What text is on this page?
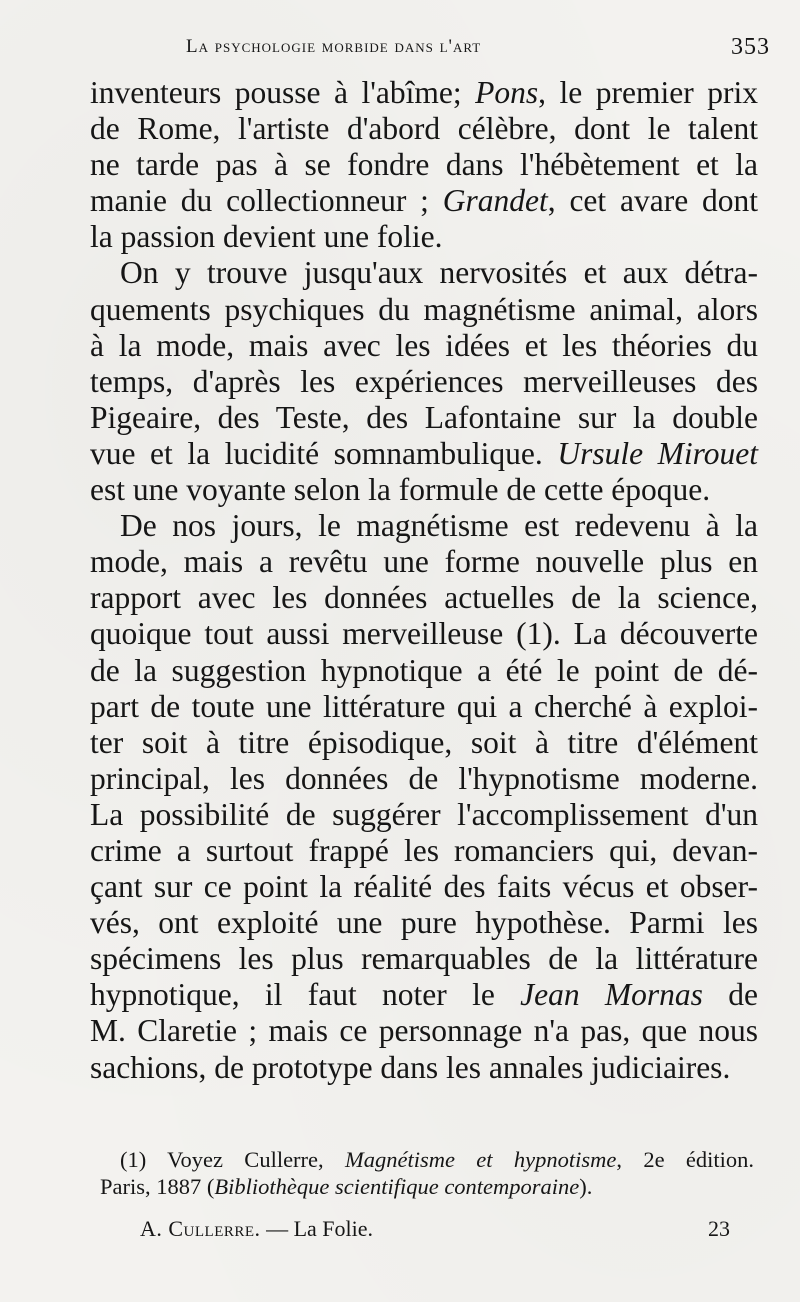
La psychologie morbide dans l'art	353
inventeurs pousse à l'abîme; Pons, le premier prix
de Rome, l'artiste d'abord célèbre, dont le talent
ne tarde pas à se fondre dans l'hébètement et la
manie du collectionneur ; Grandet, cet avare dont
la passion devient une folie.
On y trouve jusqu'aux nervosités et aux détra-
quements psychiques du magnétisme animal, alors
à la mode, mais avec les idées et les théories du
temps, d'après les expériences merveilleuses des
Pigeaire, des Teste, des Lafontaine sur la double
vue et la lucidité somnambulique. Ursule Mirouet
est une voyante selon la formule de cette époque.
De nos jours, le magnétisme est redevenu à la
mode, mais a revêtu une forme nouvelle plus en
rapport avec les données actuelles de la science,
quoique tout aussi merveilleuse (1). La découverte
de la suggestion hypnotique a été le point de dé-
part de toute une littérature qui a cherché à exploi-
ter soit à titre épisodique, soit à titre d'élément
principal, les données de l'hypnotisme moderne.
La possibilité de suggérer l'accomplissement d'un
crime a surtout frappé les romanciers qui, devan-
çant sur ce point la réalité des faits vécus et obser-
vés, ont exploité une pure hypothèse. Parmi les
spécimens les plus remarquables de la littérature
hypnotique, il faut noter le Jean Mornas de
M. Claretie ; mais ce personnage n'a pas, que nous
sachions, de prototype dans les annales judiciaires.
(1) Voyez Cullerre, Magnétisme et hypnotisme, 2e édition.
Paris, 1887 (Bibliothèque scientifique contemporaine).
A. Cullerre. — La Folie.	23
